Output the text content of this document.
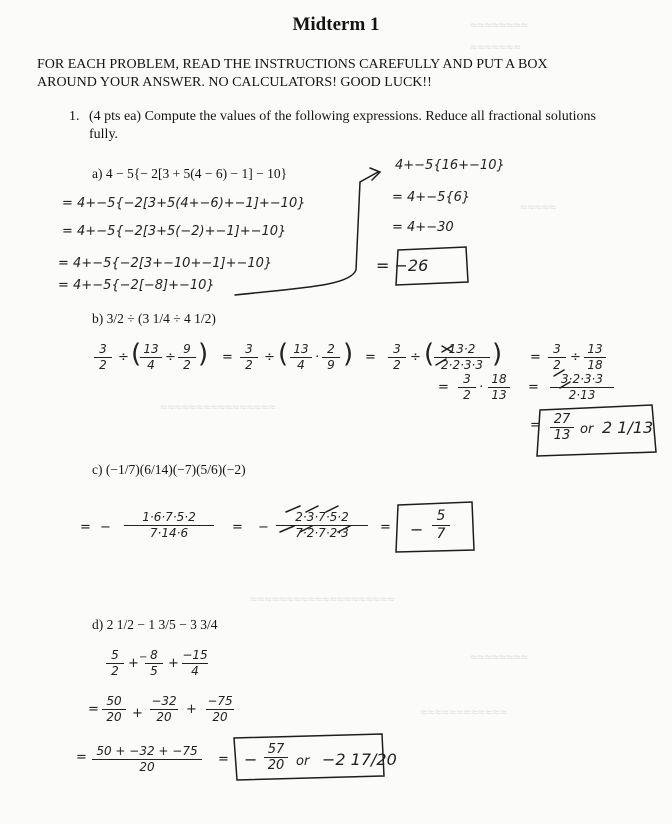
≈≈≈≈≈≈≈≈
≈≈≈≈≈≈≈
≈≈≈≈≈
≈≈≈≈≈≈≈≈≈≈≈≈≈≈≈≈
≈≈≈≈≈≈≈≈≈≈≈≈≈≈≈≈≈≈≈≈
≈≈≈≈≈≈≈≈
≈≈≈≈≈≈≈≈≈≈≈≈
Midterm 1
FOR EACH PROBLEM, READ THE INSTRUCTIONS CAREFULLY AND PUT A BOX AROUND YOUR ANSWER. NO CALCULATORS! GOOD LUCK!!
1. (4 pts ea) Compute the values of the following expressions. Reduce all fractional solutions fully.
a) 4 − 5{− 2[3 + 5(4 − 6) − 1] − 10}
= 4+−5{−2[3+5(4+−6)+−1]+−10}
= 4+−5{−2[3+5(−2)+−1]+−10}
= 4+−5{−2[3+−10+−1]+−10}
= 4+−5{−2[−8]+−10}
4+−5{16+−10}
= 4+−5{6}
= 4+−30
= −26
b) 3/2 ÷ (3 1/4 ÷ 4 1/2)
3
2 ÷ ( 13
4 ÷
9
2 ) =
3
2 ÷ ( 13
4 ·
2
9 ) =
3
2 ÷ (	13·2
2·2·3·3 ) =
3
2 ÷
13
18
=
3
2 ·
18
13 =
3·2·3·3
2·13
= 27
13 or 2 1/13
c) (−1/7)(6/14)(−7)(5/6)(−2)
= −
1·6·7·5·2
7·14·6	= −
2·3·7·5·2
7·2·7·2·3	= −
5
7
d) 2 1/2 − 1 3/5 − 3 3/4
5
2 + − 8
5 +
−15
4
=
50
20 +
−32
20	+
−75
20
= 50 + −32 + −75
20	= −
57
20 or −2 17/20
